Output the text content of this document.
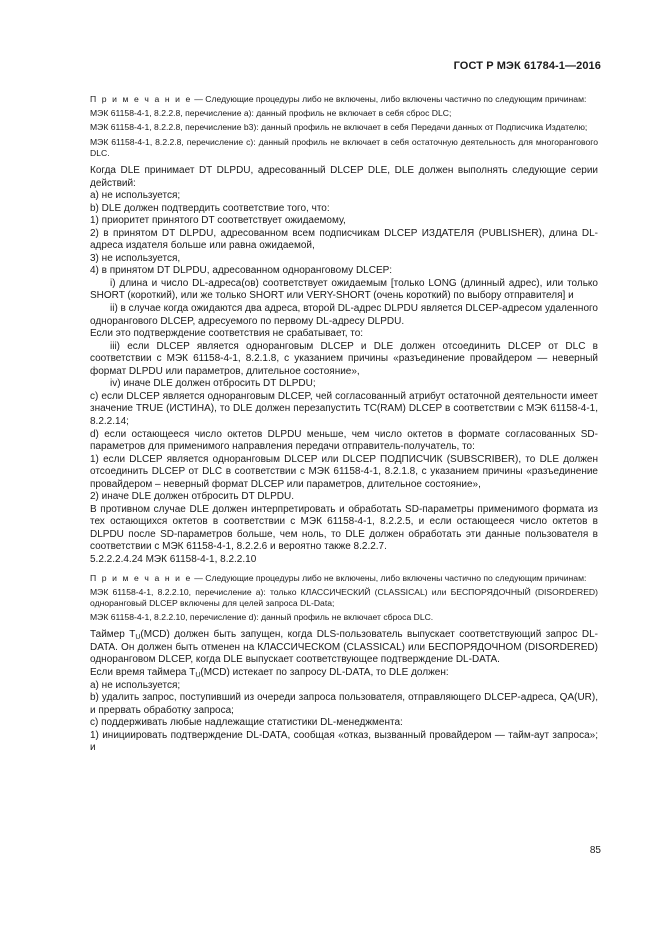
ГОСТ Р МЭК 61784-1—2016

П р и м е ч а н и е — Следующие процедуры либо не включены, либо включены частично по следующим причинам:

МЭК 61158-4-1, 8.2.2.8, перечисление а): данный профиль не включает в себя сброс DLC;

МЭК 61158-4-1, 8.2.2.8, перечисление b3): данный профиль не включает в себя Передачи данных от Подписчика Издателю;

МЭК 61158-4-1, 8.2.2.8, перечисление c): данный профиль не включает в себя остаточную деятельность для многорангового DLC.

Когда DLE принимает DT DLPDU, адресованный DLCEP DLE, DLE должен выполнять следующие серии действий:

а) не используется;

b) DLE должен подтвердить соответствие того, что:

1) приоритет принятого DT соответствует ожидаемому,

2) в принятом DT DLPDU, адресованном всем подписчикам DLCEP ИЗДАТЕЛЯ (PUBLISHER), длина DL-адреса издателя больше или равна ожидаемой,

3) не используется,

4) в принятом DT DLPDU, адресованном одноранговому DLCEP:

i) длина и число DL-адреса(ов) соответствует ожидаемым [только LONG (длинный адрес), или только SHORT (короткий), или же только SHORT или VERY-SHORT (очень короткий) по выбору отправителя] и

ii) в случае когда ожидаются два адреса, второй DL-адрес DLPDU является DLCEP-адресом удаленного однорангового DLCEP, адресуемого по первому DL-адресу DLPDU.

Если это подтверждение соответствия не срабатывает, то:

iii) если DLCEP является одноранговым DLCEP и DLE должен отсоединить DLCEP от DLC в соответствии с МЭК 61158-4-1, 8.2.1.8, с указанием причины «разъединение провайдером — неверный формат DLPDU или параметров, длительное состояние»,

iv) иначе DLE должен отбросить DT DLPDU;

c) если DLCEP является одноранговым DLCEP, чей согласованный атрибут остаточной деятельности имеет значение TRUE (ИСТИНА), то DLE должен перезапустить TC(RAM) DLCEP в соответствии с МЭК 61158-4-1, 8.2.2.14;

d) если остающееся число октетов DLPDU меньше, чем число октетов в формате согласованных SD-параметров для применимого направления передачи отправитель-получатель, то:

1) если DLCEP является одноранговым DLCEP или DLCEP ПОДПИСЧИК (SUBSCRIBER), то DLE должен отсоединить DLCEP от DLC в соответствии с МЭК 61158-4-1, 8.2.1.8, с указанием причины «разъединение провайдером – неверный формат DLCEP или параметров, длительное состояние»,

2) иначе DLE должен отбросить DT DLPDU.

В противном случае DLE должен интерпретировать и обработать SD-параметры применимого формата из тех остающихся октетов в соответствии с МЭК 61158-4-1, 8.2.2.5, и если остающееся число октетов в DLPDU после SD-параметров больше, чем ноль, то DLE должен обработать эти данные пользователя в соответствии с МЭК 61158-4-1, 8.2.2.6 и вероятно также 8.2.2.7.

5.2.2.2.4.24 МЭК 61158-4-1, 8.2.2.10

П р и м е ч а н и е — Следующие процедуры либо не включены, либо включены частично по следующим причинам:

МЭК 61158-4-1, 8.2.2.10, перечисление а): только КЛАССИЧЕСКИЙ (CLASSICAL) или БЕСПОРЯДОЧНЫЙ (DISORDERED) одноранговый DLCEP включены для целей запроса DL-Data;

МЭК 61158-4-1, 8.2.2.10, перечисление d): данный профиль не включает сброса DLC.

Таймер $T_U(MCD)$ должен быть запущен, когда DLS-пользователь выпускает соответствующий запрос DL-DATA. Он должен быть отменен на КЛАССИЧЕСКОМ (CLASSICAL) или БЕСПОРЯДОЧНОМ (DISORDERED) одноранговом DLCEP, когда DLE выпускает соответствующее подтверждение DL-DATA.

Если время таймера $T_U(MCD)$ истекает по запросу DL-DATA, то DLE должен:

а) не используется;

b) удалить запрос, поступивший из очереди запроса пользователя, отправляющего DLCEP-адреса, QA(UR), и прервать обработку запроса;

c) поддерживать любые надлежащие статистики DL-менеджмента:

1) инициировать подтверждение DL-DATA, сообщая «отказ, вызванный провайдером — тайм-аут запроса»; и

85
